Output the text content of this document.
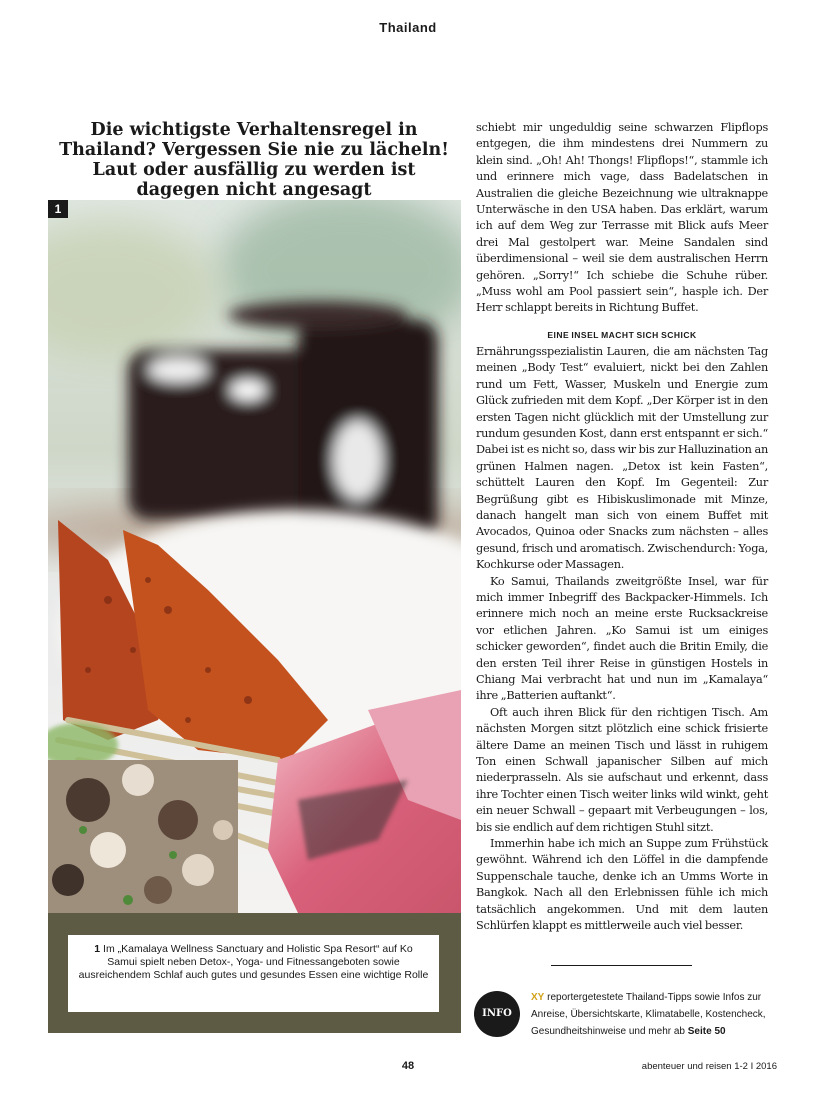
Thailand
Die wichtigste Verhaltensregel in Thailand? Vergessen Sie nie zu lächeln! Laut oder ausfällig zu werden ist dagegen nicht angesagt
1
1 Im „Kamalaya Wellness Sanctuary and Holistic Spa Resort“ auf Ko Samui spielt neben Detox-, Yoga- und Fitnessangeboten sowie ausreichendem Schlaf auch gutes und gesundes Essen eine wichtige Rolle

schiebt mir ungeduldig seine schwarzen Flipflops entgegen, die ihm mindestens drei Nummern zu klein sind. „Oh! Ah! Thongs! Flipflops!“, stammle ich und erinnere mich vage, dass Badelatschen in Australien die gleiche Bezeichnung wie ultraknappe Unterwäsche in den USA haben. Das erklärt, warum ich auf dem Weg zur Terrasse mit Blick aufs Meer drei Mal gestolpert war. Meine Sandalen sind überdimensional – weil sie dem australischen Herrn gehören. „Sorry!“ Ich schiebe die Schuhe rüber. „Muss wohl am Pool passiert sein“, hasple ich. Der Herr schlappt bereits in Richtung Buffet.

EINE INSEL MACHT SICH SCHICK

Ernährungsspezialistin Lauren, die am nächsten Tag meinen „Body Test“ evaluiert, nickt bei den Zahlen rund um Fett, Wasser, Muskeln und Energie zum Glück zufrieden mit dem Kopf. „Der Körper ist in den ersten Tagen nicht glücklich mit der Umstellung zur rundum gesunden Kost, dann erst entspannt er sich.“ Dabei ist es nicht so, dass wir bis zur Halluzination an grünen Halmen nagen. „Detox ist kein Fasten“, schüttelt Lauren den Kopf. Im Gegenteil: Zur Begrüßung gibt es Hibiskuslimonade mit Minze, danach hangelt man sich von einem Buffet mit Avocados, Quinoa oder Snacks zum nächsten – alles gesund, frisch und aromatisch. Zwischendurch: Yoga, Kochkurse oder Massagen.

Ko Samui, Thailands zweitgrößte Insel, war für mich immer Inbegriff des Backpacker-Himmels. Ich erinnere mich noch an meine erste Rucksackreise vor etlichen Jahren. „Ko Samui ist um einiges schicker geworden“, findet auch die Britin Emily, die den ersten Teil ihrer Reise in günstigen Hostels in Chiang Mai verbracht hat und nun im „Kamalaya“ ihre „Batterien auftankt“.

Oft auch ihren Blick für den richtigen Tisch. Am nächsten Morgen sitzt plötzlich eine schick frisierte ältere Dame an meinen Tisch und lässt in ruhigem Ton einen Schwall japanischer Silben auf mich niederprasseln. Als sie aufschaut und erkennt, dass ihre Tochter einen Tisch weiter links wild winkt, geht ein neuer Schwall – gepaart mit Verbeugungen – los, bis sie endlich auf dem richtigen Stuhl sitzt.

Immerhin habe ich mich an Suppe zum Frühstück gewöhnt. Während ich den Löffel in die dampfende Suppenschale tauche, denke ich an Umms Worte in Bangkok. Nach all den Erlebnissen fühle ich mich tatsächlich angekommen. Und mit dem lauten Schlürfen klappt es mittlerweile auch viel besser.

INFO
XY reportergetestete Thailand-Tipps sowie Infos zur Anreise, Übersichtskarte, Klimatabelle, Kostencheck, Gesundheitshinweise und mehr ab Seite 50
48	abenteuer und reisen 1-2 I 2016
